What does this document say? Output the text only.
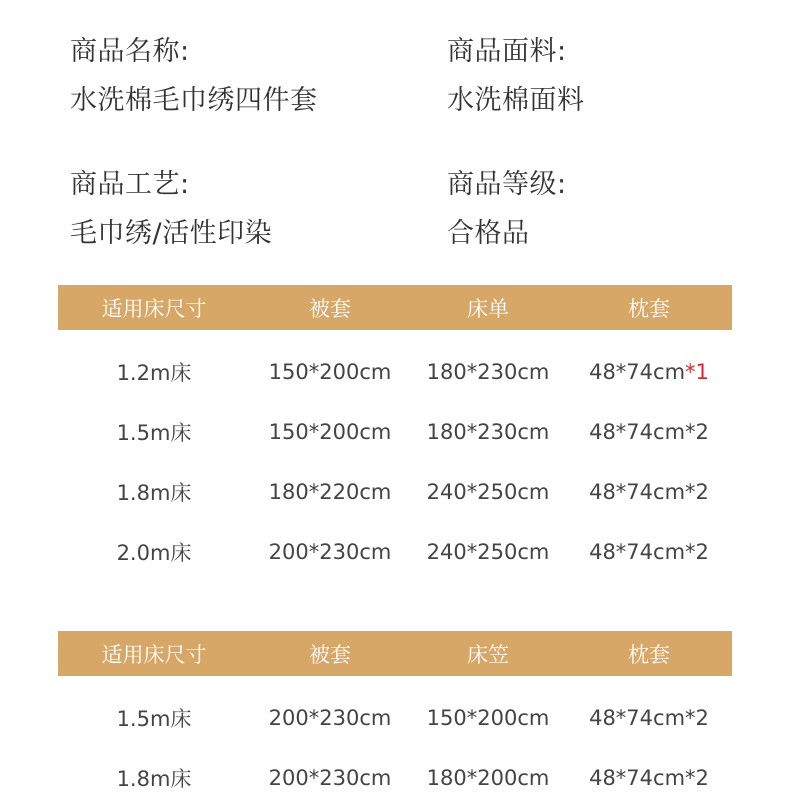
商品名称:
水洗棉毛巾绣四件套
商品面料:
水洗棉面料
商品工艺:
毛巾绣/活性印染
商品等级:
合格品
适用床尺寸	被套	床单	枕套
1.2m床	150*200cm	180*230cm	48*74cm*1
1.5m床	150*200cm	180*230cm	48*74cm*2
1.8m床	180*220cm	240*250cm	48*74cm*2
2.0m床	200*230cm	240*250cm	48*74cm*2
适用床尺寸	被套	床笠	枕套
1.5m床	200*230cm	150*200cm	48*74cm*2
1.8m床	200*230cm	180*200cm	48*74cm*2
